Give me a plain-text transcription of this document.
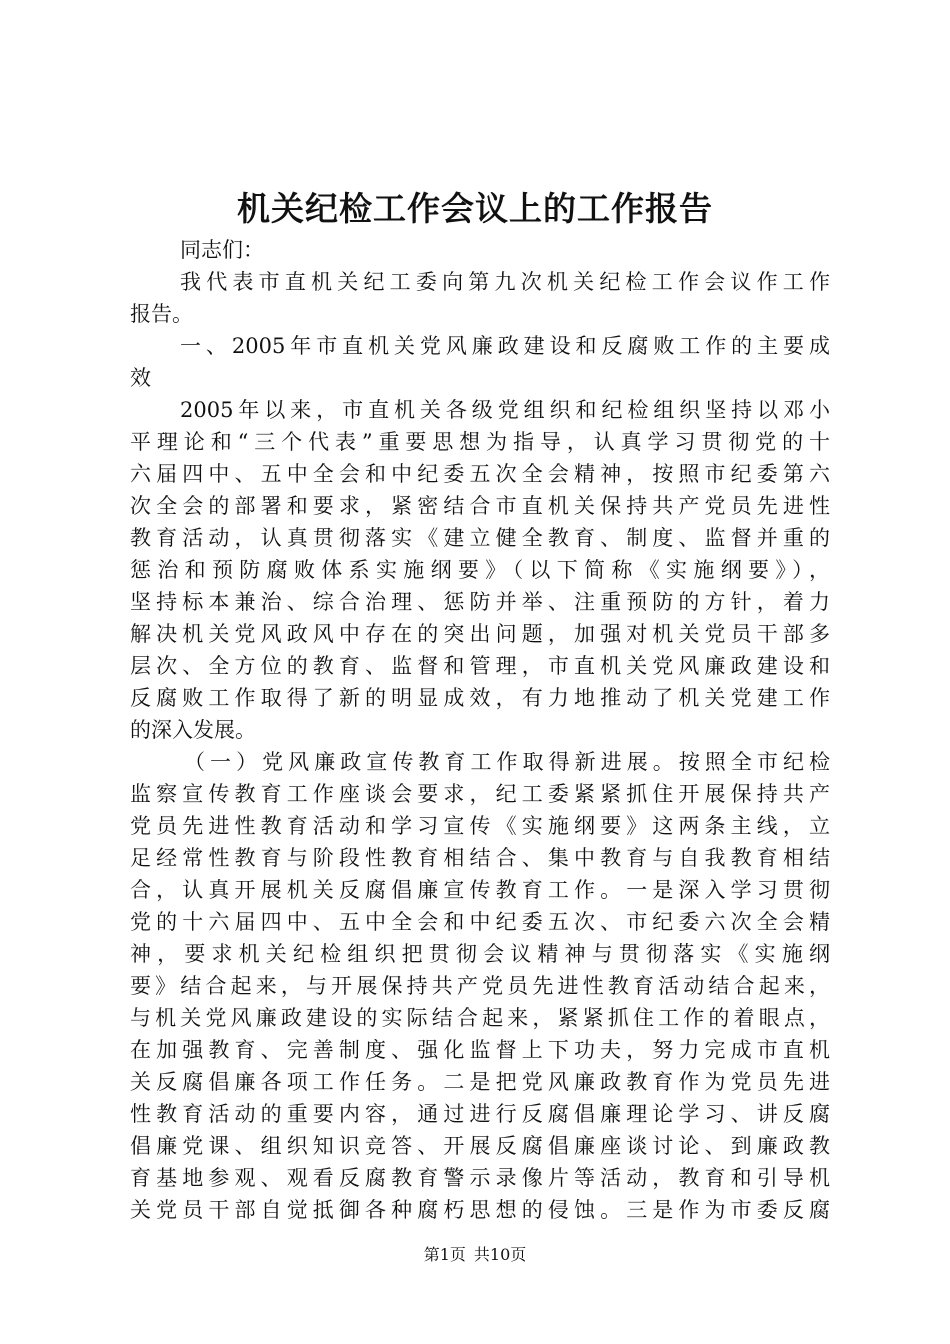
机关纪检工作会议上的工作报告
同志们：
我代表市直机关纪工委向第九次机关纪检工作会议作工作
报告。
一、2005年市直机关党风廉政建设和反腐败工作的主要成
效
2005年以来，市直机关各级党组织和纪检组织坚持以邓小
平理论和“三个代表”重要思想为指导，认真学习贯彻党的十
六届四中、五中全会和中纪委五次全会精神，按照市纪委第六
次全会的部署和要求，紧密结合市直机关保持共产党员先进性
教育活动，认真贯彻落实《建立健全教育、制度、监督并重的
惩治和预防腐败体系实施纲要》（以下简称《实施纲要》），
坚持标本兼治、综合治理、惩防并举、注重预防的方针，着力
解决机关党风政风中存在的突出问题，加强对机关党员干部多
层次、全方位的教育、监督和管理，市直机关党风廉政建设和
反腐败工作取得了新的明显成效，有力地推动了机关党建工作
的深入发展。
（一）党风廉政宣传教育工作取得新进展。按照全市纪检
监察宣传教育工作座谈会要求，纪工委紧紧抓住开展保持共产
党员先进性教育活动和学习宣传《实施纲要》这两条主线，立
足经常性教育与阶段性教育相结合、集中教育与自我教育相结
合，认真开展机关反腐倡廉宣传教育工作。一是深入学习贯彻
党的十六届四中、五中全会和中纪委五次、市纪委六次全会精
神，要求机关纪检组织把贯彻会议精神与贯彻落实《实施纲
要》结合起来，与开展保持共产党员先进性教育活动结合起来，
与机关党风廉政建设的实际结合起来，紧紧抓住工作的着眼点，
在加强教育、完善制度、强化监督上下功夫，努力完成市直机
关反腐倡廉各项工作任务。二是把党风廉政教育作为党员先进
性教育活动的重要内容，通过进行反腐倡廉理论学习、讲反腐
倡廉党课、组织知识竞答、开展反腐倡廉座谈讨论、到廉政教
育基地参观、观看反腐教育警示录像片等活动，教育和引导机
关党员干部自觉抵御各种腐朽思想的侵蚀。三是作为市委反腐
第1页 共10页
